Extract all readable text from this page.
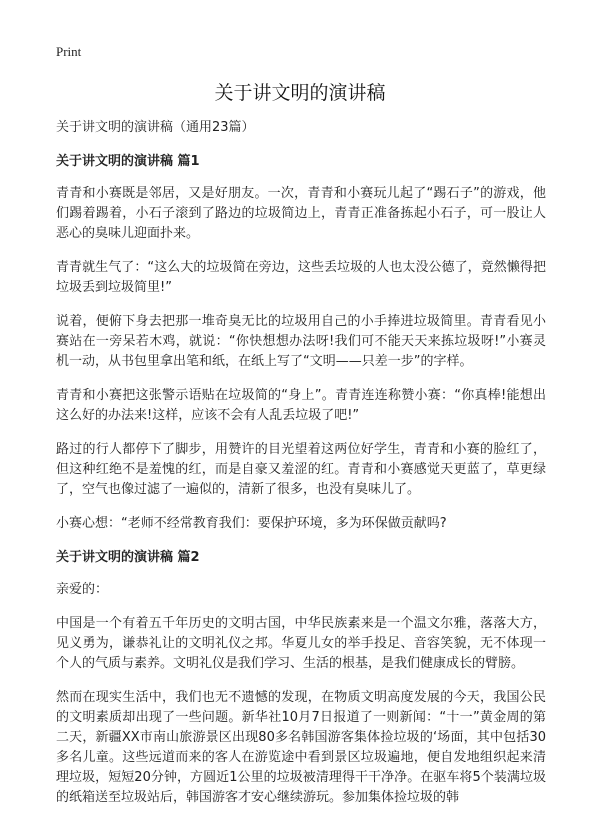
Print
关于讲文明的演讲稿

关于讲文明的演讲稿（通用23篇）

关于讲文明的演讲稿 篇1

青青和小赛既是邻居，又是好朋友。一次，青青和小赛玩儿起了“踢石子”的游戏，他们踢着踢着，小石子滚到了路边的垃圾简边上，青青正准备拣起小石子，可一股让人恶心的臭味儿迎面扑来。

青青就生气了：“这么大的垃圾简在旁边，这些丢垃圾的人也太没公德了，竟然懒得把垃圾丢到垃圾简里!”

说着，便俯下身去把那一堆奇臭无比的垃圾用自己的小手捧进垃圾简里。青青看见小赛站在一旁呆若木鸡，就说：“你快想想办法呀!我们可不能天天来拣垃圾呀!”小赛灵机一动，从书包里拿出笔和纸，在纸上写了“文明——只差一步”的字样。

青青和小赛把这张警示语贴在垃圾简的“身上”。青青连连称赞小赛：“你真棒!能想出这么好的办法来!这样，应该不会有人乱丢垃圾了吧!”

路过的行人都停下了脚步，用赞许的目光望着这两位好学生，青青和小赛的脸红了，但这种红绝不是羞愧的红，而是自豪又羞涩的红。青青和小赛感觉天更蓝了，草更绿了，空气也像过滤了一遍似的，清新了很多，也没有臭味儿了。

小赛心想：“老师不经常教育我们：要保护环境，多为环保做贡献吗?

关于讲文明的演讲稿 篇2

亲爱的：

中国是一个有着五千年历史的文明古国，中华民族素来是一个温文尔雅，落落大方，见义勇为，谦恭礼让的文明礼仪之邦。华夏儿女的举手投足、音容笑貌，无不体现一个人的气质与素养。文明礼仪是我们学习、生活的根基，是我们健康成长的臂膀。

然而在现实生活中，我们也无不遗憾的发现，在物质文明高度发展的今天，我国公民的文明素质却出现了一些问题。新华社10月7日报道了一则新闻：“十一”黄金周的第二天，新疆XX市南山旅游景区出现80多名韩国游客集体捡垃圾的‘场面，其中包括30多名儿童。这些远道而来的客人在游览途中看到景区垃圾遍地，便自发地组织起来清理垃圾，短短20分钟，方圆近1公里的垃圾被清理得干干净净。在驱车将5个装满垃圾的纸箱送至垃圾站后，韩国游客才安心继续游玩。参加集体捡垃圾的韩
